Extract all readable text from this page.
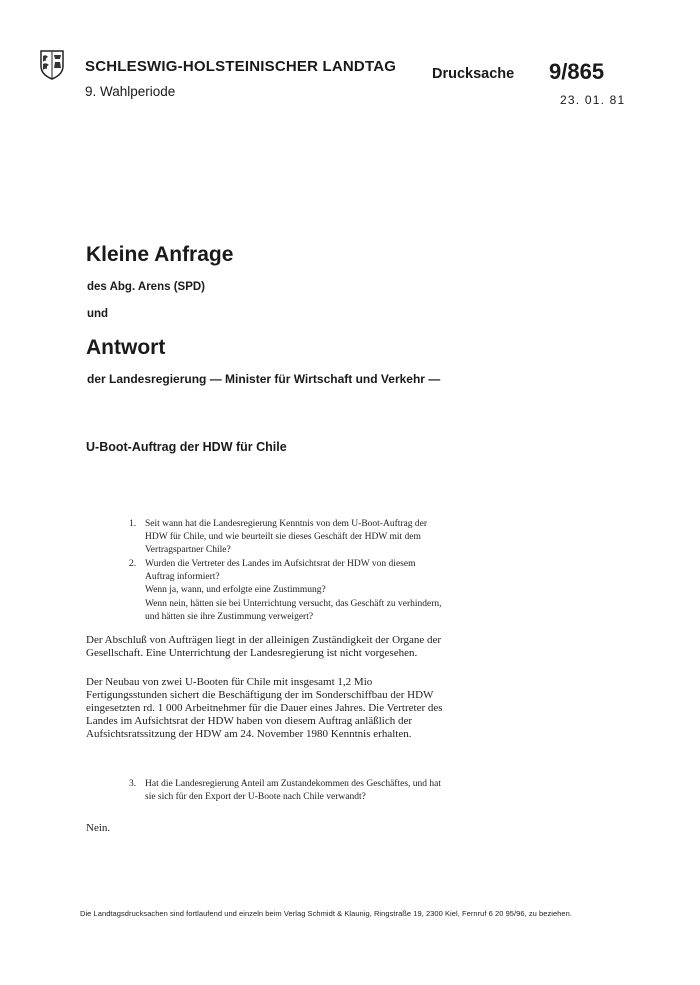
SCHLESWIG-HOLSTEINISCHER LANDTAG
9. Wahlperiode
Drucksache 9/865
23. 01. 81
Kleine Anfrage
des Abg. Arens (SPD)
und
Antwort
der Landesregierung — Minister für Wirtschaft und Verkehr —
U-Boot-Auftrag der HDW für Chile
1. Seit wann hat die Landesregierung Kenntnis von dem U-Boot-Auftrag der HDW für Chile, und wie beurteilt sie dieses Geschäft der HDW mit dem Vertragspartner Chile?
2. Wurden die Vertreter des Landes im Aufsichtsrat der HDW von diesem Auftrag informiert?
Wenn ja, wann, und erfolgte eine Zustimmung?
Wenn nein, hätten sie bei Unterrichtung versucht, das Geschäft zu verhindern, und hätten sie ihre Zustimmung verweigert?
Der Abschluß von Aufträgen liegt in der alleinigen Zuständigkeit der Organe der Gesellschaft. Eine Unterrichtung der Landesregierung ist nicht vorgesehen.
Der Neubau von zwei U-Booten für Chile mit insgesamt 1,2 Mio Fertigungsstunden sichert die Beschäftigung der im Sonderschiffbau der HDW eingesetzten rd. 1 000 Arbeitnehmer für die Dauer eines Jahres. Die Vertreter des Landes im Aufsichtsrat der HDW haben von diesem Auftrag anläßlich der Aufsichtsratssitzung der HDW am 24. November 1980 Kenntnis erhalten.
3. Hat die Landesregierung Anteil am Zustandekommen des Geschäftes, und hat sie sich für den Export der U-Boote nach Chile verwandt?
Nein.
Die Landtagsdrucksachen sind fortlaufend und einzeln beim Verlag Schmidt & Klaunig, Ringstraße 19, 2300 Kiel, Fernruf 6 20 95/96, zu beziehen.
